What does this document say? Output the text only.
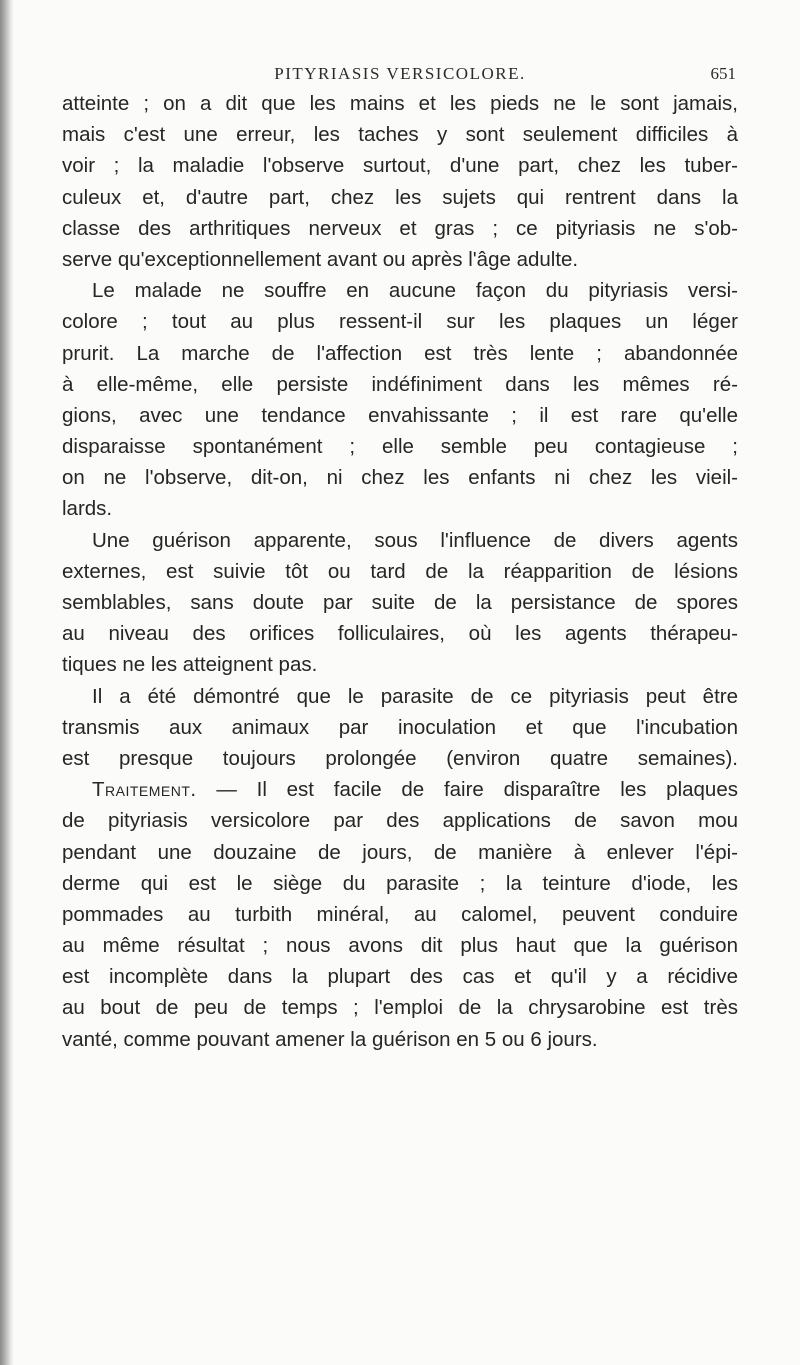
PITYRIASIS VERSICOLORE.	651
atteinte ; on a dit que les mains et les pieds ne le sont jamais,
mais c'est une erreur, les taches y sont seulement difficiles à
voir ; la maladie l'observe surtout, d'une part, chez les tuber-
culeux et, d'autre part, chez les sujets qui rentrent dans la
classe des arthritiques nerveux et gras ; ce pityriasis ne s'ob-
serve qu'exceptionnellement avant ou après l'âge adulte.
Le malade ne souffre en aucune façon du pityriasis versi-
colore ; tout au plus ressent-il sur les plaques un léger
prurit. La marche de l'affection est très lente ; abandonnée
à elle-même, elle persiste indéfiniment dans les mêmes ré-
gions, avec une tendance envahissante ; il est rare qu'elle
disparaisse spontanément ; elle semble peu contagieuse ;
on ne l'observe, dit-on, ni chez les enfants ni chez les vieil-
lards.
Une guérison apparente, sous l'influence de divers agents
externes, est suivie tôt ou tard de la réapparition de lésions
semblables, sans doute par suite de la persistance de spores
au niveau des orifices folliculaires, où les agents thérapeu-
tiques ne les atteignent pas.
Il a été démontré que le parasite de ce pityriasis peut être
transmis aux animaux par inoculation et que l'incubation
est presque toujours prolongée (environ quatre semaines).
Traitement. — Il est facile de faire disparaître les plaques
de pityriasis versicolore par des applications de savon mou
pendant une douzaine de jours, de manière à enlever l'épi-
derme qui est le siège du parasite ; la teinture d'iode, les
pommades au turbith minéral, au calomel, peuvent conduire
au même résultat ; nous avons dit plus haut que la guérison
est incomplète dans la plupart des cas et qu'il y a récidive
au bout de peu de temps ; l'emploi de la chrysarobine est très
vanté, comme pouvant amener la guérison en 5 ou 6 jours.
